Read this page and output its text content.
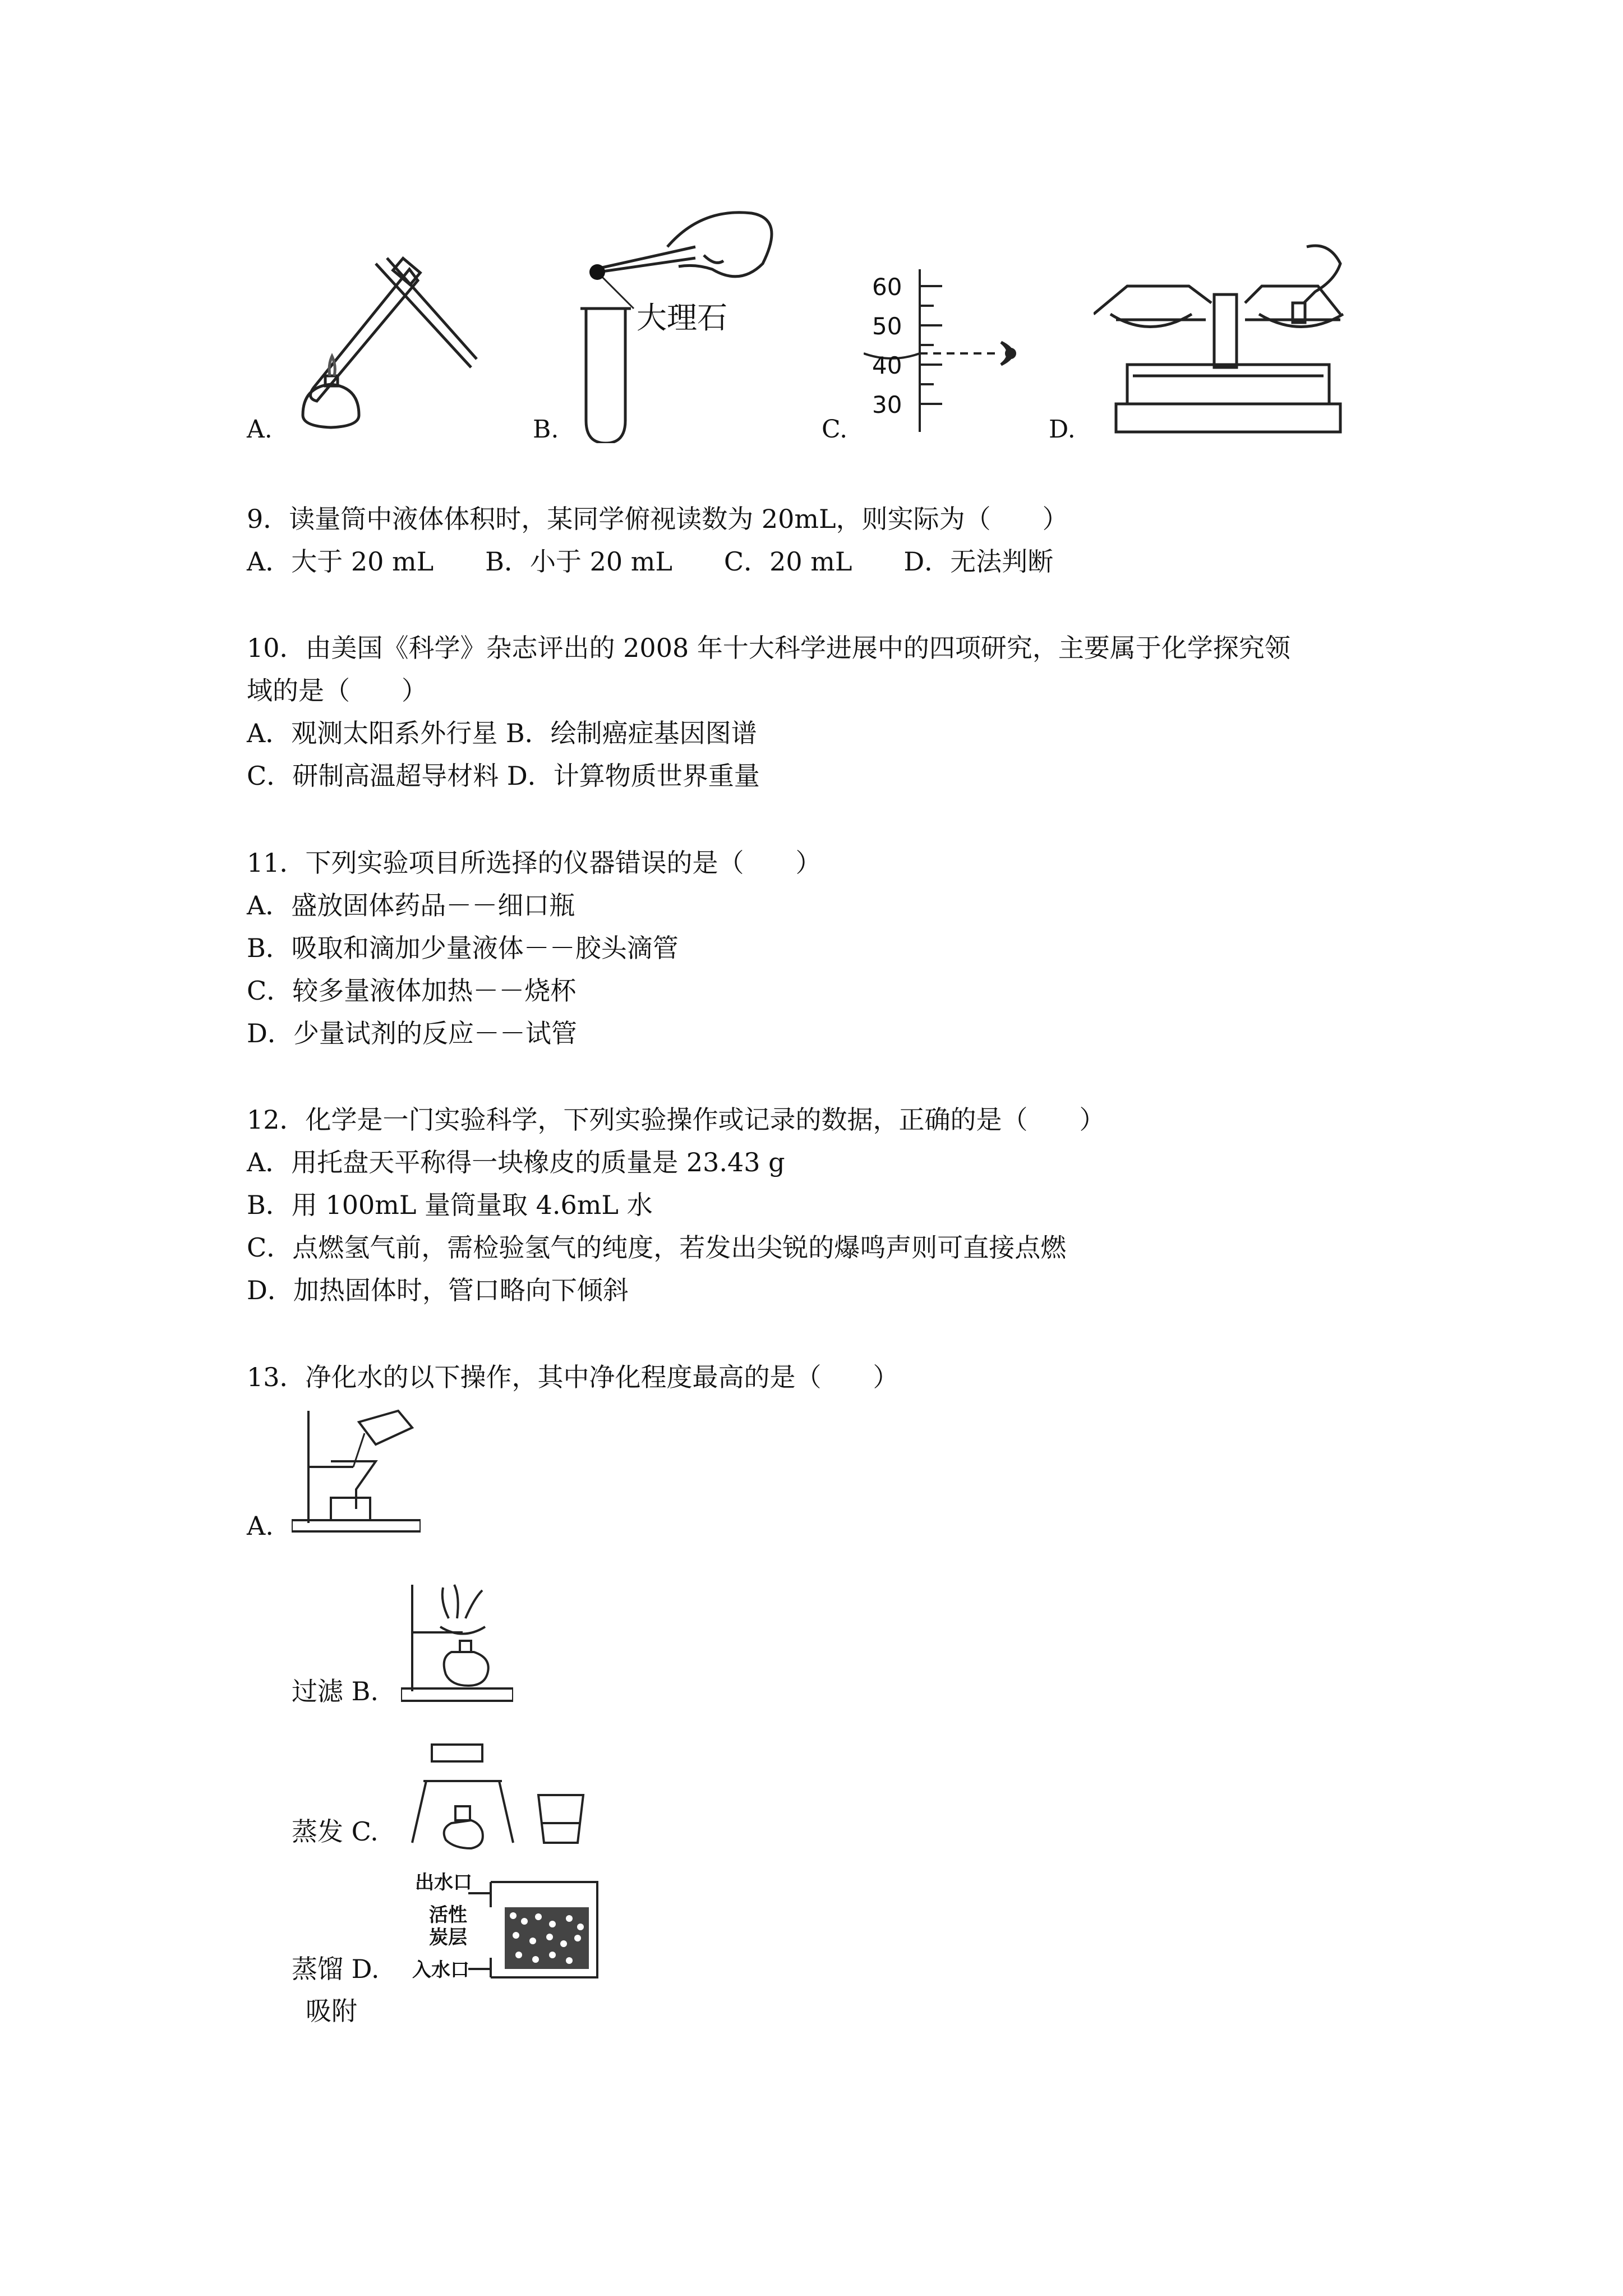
A.
大理石
B.
60
50
40
30
C.	D.
9．读量筒中液体体积时，某同学俯视读数为 20mL，则实际为（　　）
A．大于 20 mL　　B．小于 20 mL　　C．20 mL　　D．无法判断
10．由美国《科学》杂志评出的 2008 年十大科学进展中的四项研究，主要属于化学探究领
域的是（　　）
A．观测太阳系外行星 B．绘制癌症基因图谱
C．研制高温超导材料 D．计算物质世界重量
11．下列实验项目所选择的仪器错误的是（　　）
A．盛放固体药品－－细口瓶
B．吸取和滴加少量液体－－胶头滴管
C．较多量液体加热－－烧杯
D．少量试剂的反应－－试管
12．化学是一门实验科学，下列实验操作或记录的数据，正确的是（　　）
A．用托盘天平称得一块橡皮的质量是 23.43 g
B．用 100mL 量筒量取 4.6mL 水
C．点燃氢气前，需检验氢气的纯度，若发出尖锐的爆鸣声则可直接点燃
D．加热固体时，管口略向下倾斜
13．净化水的以下操作，其中净化程度最高的是（　　）
A.
过滤 B.
蒸发 C.
出水口
活性
炭层
入水口
蒸馏 D.
吸附
